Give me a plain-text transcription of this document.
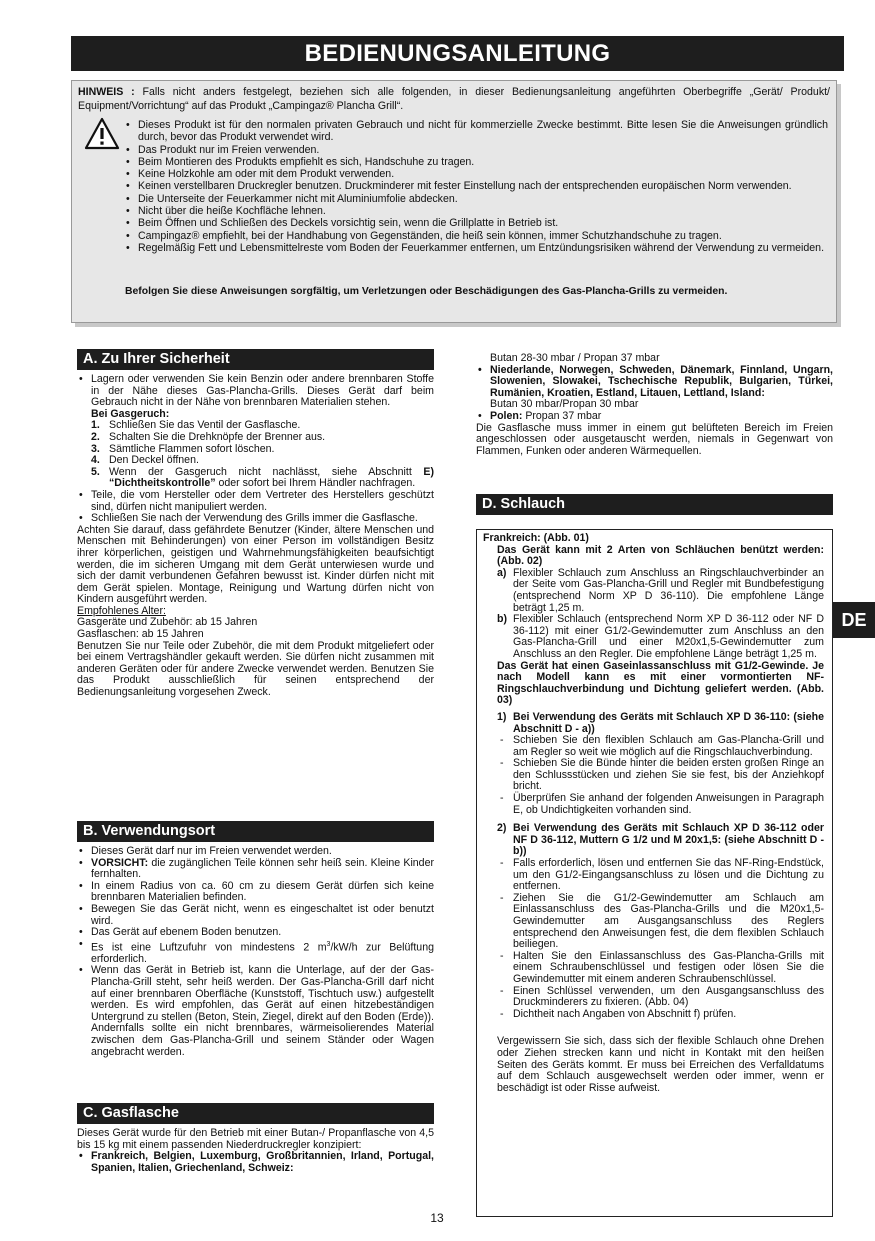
BEDIENUNGSANLEITUNG
HINWEIS : Falls nicht anders festgelegt, beziehen sich alle folgenden, in dieser Bedienungsanleitung angeführten Oberbegriffe „Gerät/ Produkt/ Equipment/Vorrichtung“ auf das Produkt „Campingaz® Plancha Grill“.
• Dieses Produkt ist für den normalen privaten Gebrauch und nicht für kommerzielle Zwecke bestimmt. Bitte lesen Sie die Anweisungen gründlich durch, bevor das Produkt verwendet wird.
• Das Produkt nur im Freien verwenden.
• Beim Montieren des Produkts empfiehlt es sich, Handschuhe zu tragen.
• Keine Holzkohle am oder mit dem Produkt verwenden.
• Keinen verstellbaren Druckregler benutzen. Druckminderer mit fester Einstellung nach der entsprechenden europäischen Norm verwenden.
• Die Unterseite der Feuerkammer nicht mit Aluminiumfolie abdecken.
• Nicht über die heiße Kochfläche lehnen.
• Beim Öffnen und Schließen des Deckels vorsichtig sein, wenn die Grillplatte in Betrieb ist.
• Campingaz® empfiehlt, bei der Handhabung von Gegenständen, die heiß sein können, immer Schutzhandschuhe zu tragen.
• Regelmäßig Fett und Lebensmittelreste vom Boden der Feuerkammer entfernen, um Entzündungsrisiken während der Verwendung zu vermeiden.
Befolgen Sie diese Anweisungen sorgfältig, um Verletzungen oder Beschädigungen des Gas-Plancha-Grills zu vermeiden.
A. Zu Ihrer Sicherheit
• Lagern oder verwenden Sie kein Benzin oder andere brennbaren Stoffe in der Nähe dieses Gas-Plancha-Grills. Dieses Gerät darf beim Gebrauch nicht in der Nähe von brennbaren Materialien stehen.

Bei Gasgeruch:

1. Schließen Sie das Ventil der Gasflasche.
2. Schalten Sie die Drehknöpfe der Brenner aus.
3. Sämtliche Flammen sofort löschen.
4. Den Deckel öffnen.
5. Wenn der Gasgeruch nicht nachlässt, siehe Abschnitt E) “Dichtheitskontrolle” oder sofort bei Ihrem Händler nachfragen.
• Teile, die vom Hersteller oder dem Vertreter des Herstellers geschützt sind, dürfen nicht manipuliert werden.
• Schließen Sie nach der Verwendung des Grills immer die Gasflasche.

Achten Sie darauf, dass gefährdete Benutzer (Kinder, ältere Menschen und Menschen mit Behinderungen) von einer Person im vollständigen Besitz ihrer körperlichen, geistigen und Wahrnehmungsfähigkeiten beaufsichtigt werden, die im sicheren Umgang mit dem Gerät unterwiesen wurde und sich der damit verbundenen Gefahren bewusst ist. Kinder dürfen nicht mit dem Gerät spielen. Montage, Reinigung und Wartung dürfen nicht von Kindern ausgeführt werden.

Empfohlenes Alter:

Gasgeräte und Zubehör: ab 15 Jahren

Gasflaschen: ab 15 Jahren

Benutzen Sie nur Teile oder Zubehör, die mit dem Produkt mitgeliefert oder bei einem Vertragshändler gekauft werden. Sie dürfen nicht zusammen mit anderen Geräten oder für andere Zwecke verwendet werden. Benutzen Sie das Produkt ausschließlich für seinen entsprechend der Bedienungsanleitung vorgesehen Zweck.

B. Verwendungsort
• Dieses Gerät darf nur im Freien verwendet werden.
• VORSICHT: die zugänglichen Teile können sehr heiß sein. Kleine Kinder fernhalten.
• In einem Radius von ca. 60 cm zu diesem Gerät dürfen sich keine brennbaren Materialien befinden.
• Bewegen Sie das Gerät nicht, wenn es eingeschaltet ist oder benutzt wird.
• Das Gerät auf ebenem Boden benutzen.
• Es ist eine Luftzufuhr von mindestens 2 $m^3/kW/h$ zur Belüftung erforderlich.
• Wenn das Gerät in Betrieb ist, kann die Unterlage, auf der der Gas-Plancha-Grill steht, sehr heiß werden. Der Gas-Plancha-Grill darf nicht auf einer brennbaren Oberfläche (Kunststoff, Tischtuch usw.) aufgestellt werden. Es wird empfohlen, das Gerät auf einen hitzebeständigen Untergrund zu stellen (Beton, Stein, Ziegel, direkt auf den Boden (Erde)). Andernfalls sollte ein nicht brennbares, wärmeisolierendes Material zwischen dem Gas-Plancha-Grill und seinem Ständer oder Wagen angebracht werden.
C. Gasflasche

Dieses Gerät wurde für den Betrieb mit einer Butan-/ Propanflasche von 4,5 bis 15 kg mit einem passenden Niederdruckregler konzipiert:

• Frankreich, Belgien, Luxemburg, Großbritannien, Irland, Portugal, Spanien, Italien, Griechenland, Schweiz:

Butan 28-30 mbar / Propan 37 mbar

• Niederlande, Norwegen, Schweden, Dänemark, Finnland, Ungarn, Slowenien, Slowakei, Tschechische Republik, Bulgarien, Türkei, Rumänien, Kroatien, Estland, Litauen, Lettland, Island:

Butan 30 mbar/Propan 30 mbar

• Polen: Propan 37 mbar

Die Gasflasche muss immer in einem gut belüfteten Bereich im Freien angeschlossen oder ausgetauscht werden, niemals in Gegenwart von Flammen, Funken oder anderen Wärmequellen.

D. Schlauch

Frankreich: (Abb. 01)

Das Gerät kann mit 2 Arten von Schläuchen benützt werden: (Abb. 02)

a) Flexibler Schlauch zum Anschluss an Ringschlauchverbinder an der Seite vom Gas-Plancha-Grill und Regler mit Bundbefestigung (entsprechend Norm XP D 36-110). Die empfohlene Länge beträgt 1,25 m.
b) Flexibler Schlauch (entsprechend Norm XP D 36-112 oder NF D 36-112) mit einer G1/2-Gewindemutter zum Anschluss an den Gas-Plancha-Grill und einer M20x1,5-Gewindemutter zum Anschluss an den Regler. Die empfohlene Länge beträgt 1,25 m.

Das Gerät hat einen Gaseinlassanschluss mit G1/2-Gewinde. Je nach Modell kann es mit einer vormontierten NF-Ringschlauchverbindung und Dichtung geliefert werden. (Abb. 03)

1) Bei Verwendung des Geräts mit Schlauch XP D 36-110: (siehe Abschnitt D - a))
- Schieben Sie den flexiblen Schlauch am Gas-Plancha-Grill und am Regler so weit wie möglich auf die Ringschlauchverbindung.
- Schieben Sie die Bünde hinter die beiden ersten großen Ringe an den Schlussstücken und ziehen Sie sie fest, bis der Anziehkopf bricht.
- Überprüfen Sie anhand der folgenden Anweisungen in Paragraph E, ob Undichtigkeiten vorhanden sind.
2) Bei Verwendung des Geräts mit Schlauch XP D 36-112 oder NF D 36-112, Muttern G 1/2 und M 20x1,5: (siehe Abschnitt D - b))
- Falls erforderlich, lösen und entfernen Sie das NF-Ring-Endstück, um den G1/2-Eingangsanschluss zu lösen und die Dichtung zu entfernen.
- Ziehen Sie die G1/2-Gewindemutter am Schlauch am Einlassanschluss des Gas-Plancha-Grills und die M20x1,5-Gewindemutter am Ausgangsanschluss des Reglers entsprechend den Anweisungen fest, die dem flexiblen Schlauch beiliegen.
- Halten Sie den Einlassanschluss des Gas-Plancha-Grills mit einem Schraubenschlüssel und festigen oder lösen Sie die Gewindemutter mit einem anderen Schraubenschlüssel.
- Einen Schlüssel verwenden, um den Ausgangsanschluss des Druckminderers zu fixieren. (Abb. 04)
- Dichtheit nach Angaben von Abschnitt f) prüfen.

Vergewissern Sie sich, dass sich der flexible Schlauch ohne Drehen oder Ziehen strecken kann und nicht in Kontakt mit den heißen Seiten des Geräts kommt. Er muss bei Erreichen des Verfalldatums auf dem Schlauch ausgewechselt werden oder immer, wenn er beschädigt ist oder Risse aufweist.

DE
13
